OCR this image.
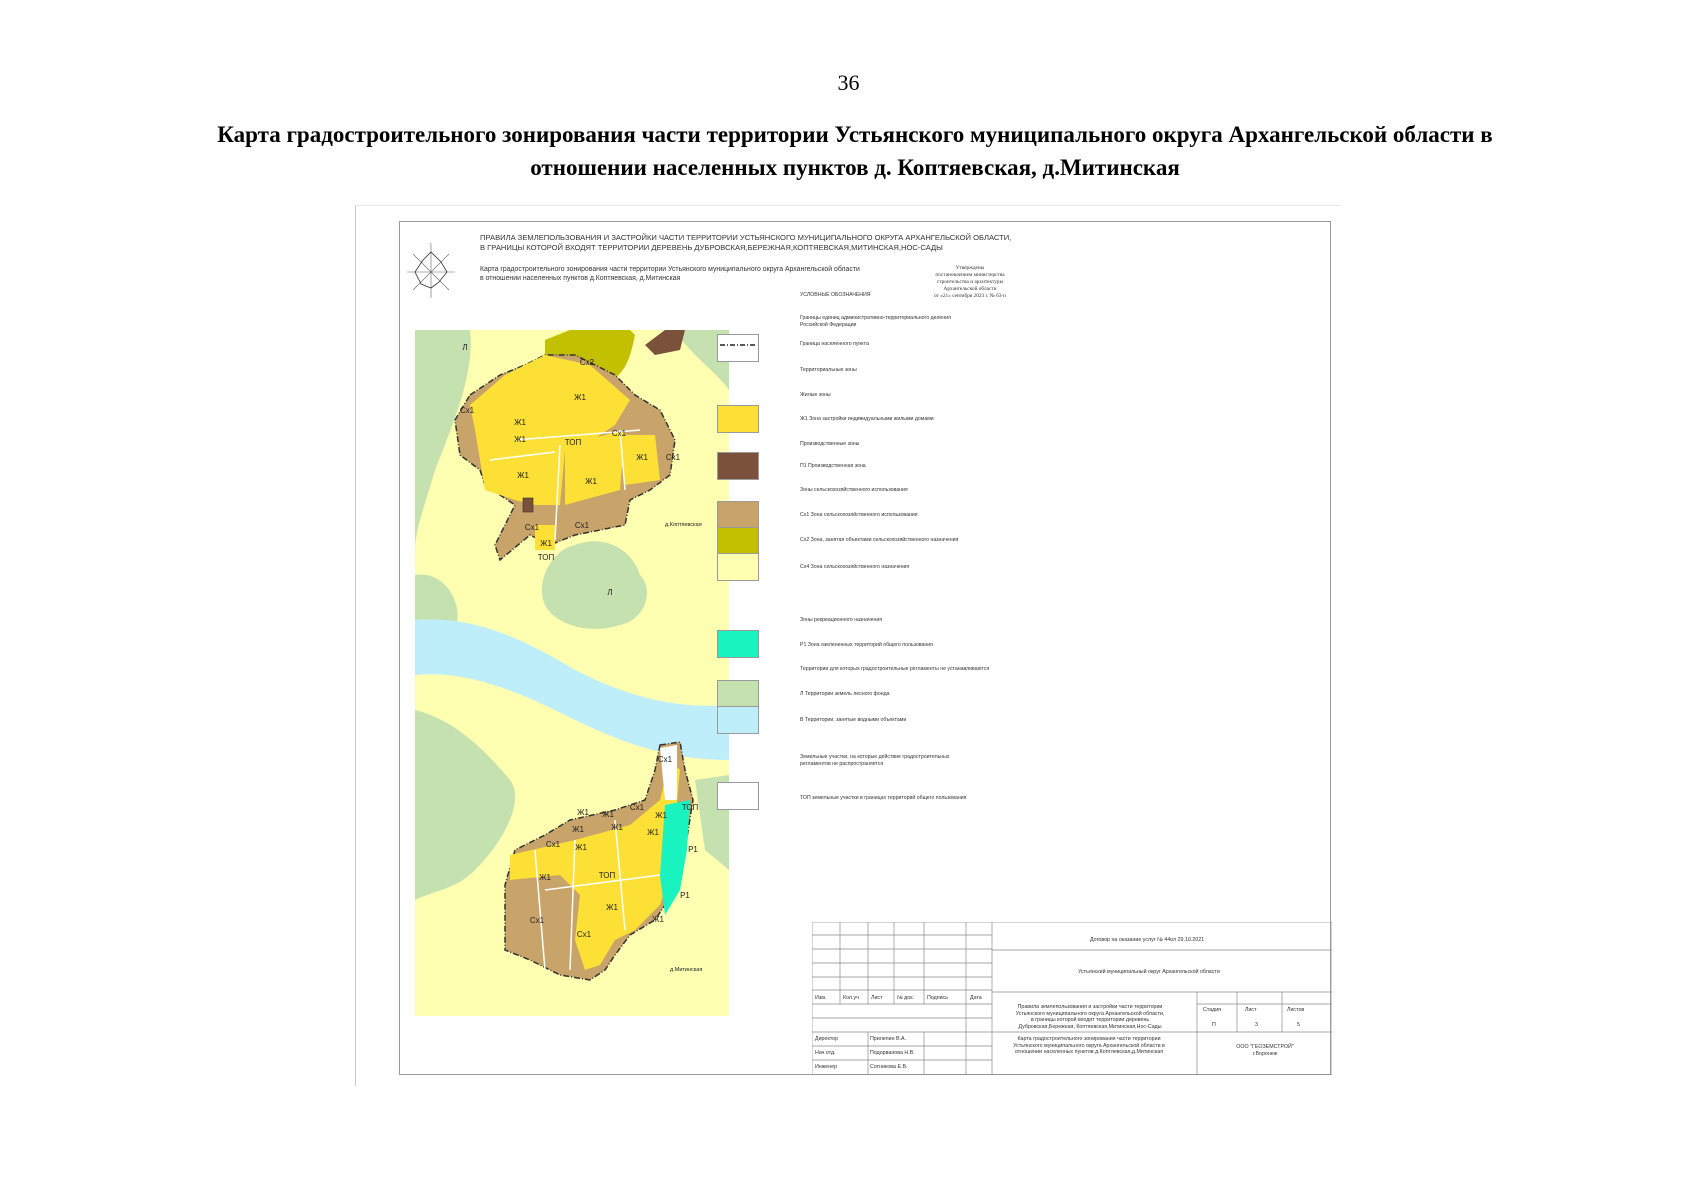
36
Карта градостроительного зонирования части территории Устьянского муниципального округа Архангельской области в отношении населенных пунктов д. Коптяевская, д.Митинская
ПРАВИЛА ЗЕМЛЕПОЛЬЗОВАНИЯ И ЗАСТРОЙКИ ЧАСТИ ТЕРРИТОРИИ УСТЬЯНСКОГО МУНИЦИПАЛЬНОГО ОКРУГА АРХАНГЕЛЬСКОЙ ОБЛАСТИ,
В ГРАНИЦЫ КОТОРОЙ ВХОДЯТ ТЕРРИТОРИИ ДЕРЕВЕНЬ ДУБРОВСКАЯ,БЕРЕЖНАЯ,КОПТЯЕВСКАЯ,МИТИНСКАЯ,НОС-САДЫ
Карта градостроительного зонирования части территории Устьянского муниципального округа Архангельской области
в отношении населенных пунктов д.Коптяевская, д.Митинская
Утверждены
постановлением министерства
строительства и архитектуры
Архангельской области
от «21» сентября 2023 г. № 63-п
С
Л
Сх2
Ж1
Сх1
Ж1
Ж1	ТОП
Сх1
Ж1 Сх1
Ж1
Ж1
Сх1	Сх1
Ж1
ТОП
Л
Сх1
ТОП
Сх1
Ж1 Ж1	Ж1
Ж1	Ж1
Ж1
Сх1 Ж1	Р1
Ж1	ТОП
Ж1
Р1
Сх1	Ж1
Сх1
д.Коптяевская
д.Митинская
УСЛОВНЫЕ ОБОЗНАЧЕНИЯ
Границы единиц административно-территориального деления
Российской Федерации
Граница населенного пункта
Территориальные зоны
Жилые зоны
Ж1 Зона застройки индивидуальными жилыми домами
Производственные зоны
П1 Производственная зона
Зоны сельскохозяйственного использования
Сх1 Зона сельскохозяйственного использования
Сх2 Зона, занятая объектами сельскохозяйственного назначения
Сх4 Зона сельскохозяйственного назначения
Зоны рекреационного назначения
Р1 Зона озелененных территорий общего пользования
Территории для которых градостроительные регламенты не устанавливаются
Л Территории земель лесного фонда
В Территории, занятые водными объектами
Земельные участки, на которые действие градостроительных
регламентов не распространяется
ТОП земельные участки в границах территорий общего пользования
Договор на оказание услуг № 44ол 29.10.2021
Устьянский муниципальный округ Архангельской области
Изм.	Кол.уч Лист	№ док. Подпись	Дата
Правила землепользования и застройки части территории Устьянского муниципального округа Архангельской области, в границы которой входят территории деревень Дубровская,Бережная, Коптяевская,Митинская,Нос-Сады
Стадия	Лист	Листов
П	3	5
Директор	Прилепин В.А.
Нач.отд.	Подорванова Н.В.
Инженер	Сотникова Е.В.
Карта градостроительного зонирования части территории Устьянского муниципального округа Архангельской области в отношении населенных пунктов д.Коптяевская,д.Митинская
ООО "ГЕОЗЕМСТРОЙ"
г.Воронеж
